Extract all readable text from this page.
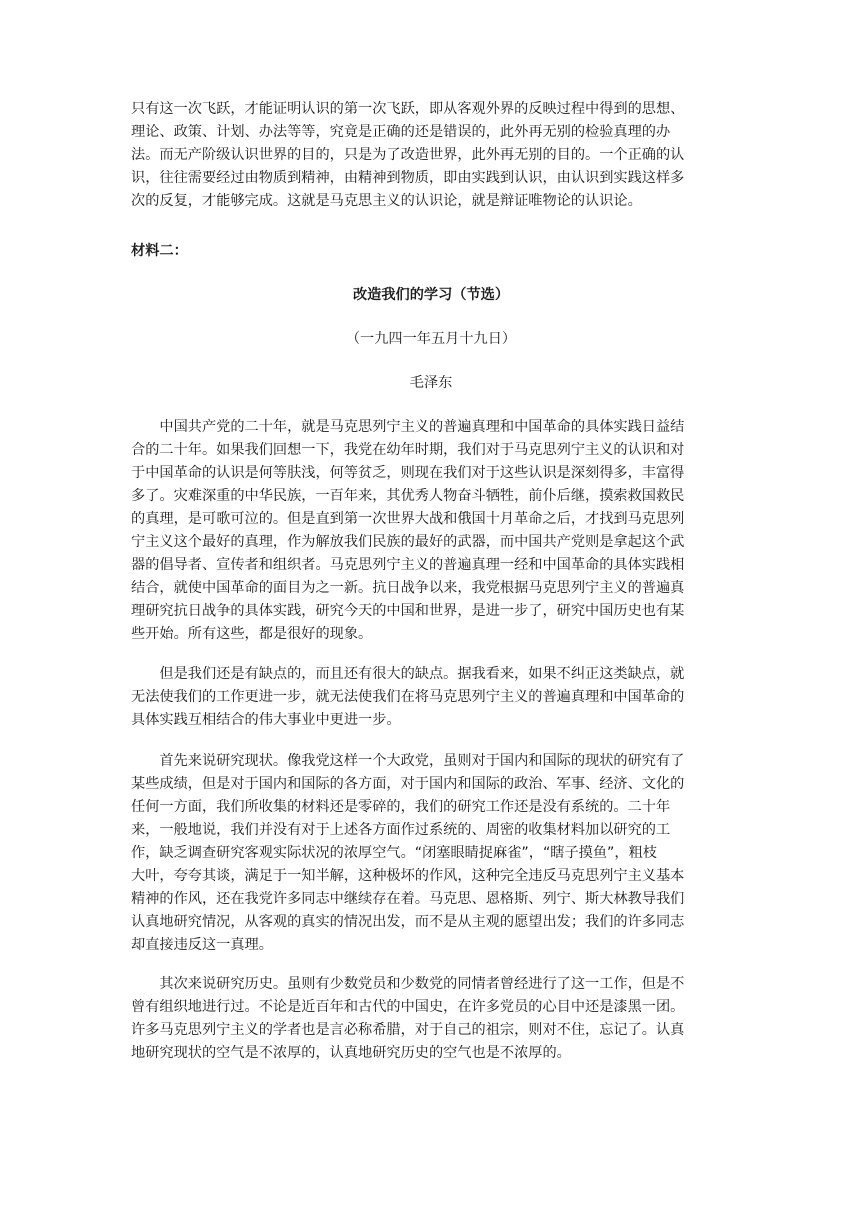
只有这一次飞跃，才能证明认识的第一次飞跃，即从客观外界的反映过程中得到的思想、
理论、政策、计划、办法等等，究竟是正确的还是错误的，此外再无别的检验真理的办
法。而无产阶级认识世界的目的，只是为了改造世界，此外再无别的目的。一个正确的认
识，往往需要经过由物质到精神，由精神到物质，即由实践到认识，由认识到实践这样多
次的反复，才能够完成。这就是马克思主义的认识论，就是辩证唯物论的认识论。
材料二：
改造我们的学习（节选）
（一九四一年五月十九日）
毛泽东
　　中国共产党的二十年，就是马克思列宁主义的普遍真理和中国革命的具体实践日益结
合的二十年。如果我们回想一下，我党在幼年时期，我们对于马克思列宁主义的认识和对
于中国革命的认识是何等肤浅，何等贫乏，则现在我们对于这些认识是深刻得多，丰富得
多了。灾难深重的中华民族，一百年来，其优秀人物奋斗牺牲，前仆后继，摸索救国救民
的真理，是可歌可泣的。但是直到第一次世界大战和俄国十月革命之后，才找到马克思列
宁主义这个最好的真理，作为解放我们民族的最好的武器，而中国共产党则是拿起这个武
器的倡导者、宣传者和组织者。马克思列宁主义的普遍真理一经和中国革命的具体实践相
结合，就使中国革命的面目为之一新。抗日战争以来，我党根据马克思列宁主义的普遍真
理研究抗日战争的具体实践，研究今天的中国和世界，是进一步了，研究中国历史也有某
些开始。所有这些，都是很好的现象。
　　但是我们还是有缺点的，而且还有很大的缺点。据我看来，如果不纠正这类缺点，就
无法使我们的工作更进一步，就无法使我们在将马克思列宁主义的普遍真理和中国革命的
具体实践互相结合的伟大事业中更进一步。
　　首先来说研究现状。像我党这样一个大政党，虽则对于国内和国际的现状的研究有了
某些成绩，但是对于国内和国际的各方面，对于国内和国际的政治、军事、经济、文化的
任何一方面，我们所收集的材料还是零碎的，我们的研究工作还是没有系统的。二十年
来，一般地说，我们并没有对于上述各方面作过系统的、周密的收集材料加以研究的工
作，缺乏调查研究客观实际状况的浓厚空气。“闭塞眼睛捉麻雀”，“瞎子摸鱼”，粗枝
大叶，夸夸其谈，满足于一知半解，这种极坏的作风，这种完全违反马克思列宁主义基本
精神的作风，还在我党许多同志中继续存在着。马克思、恩格斯、列宁、斯大林教导我们
认真地研究情况，从客观的真实的情况出发，而不是从主观的愿望出发；我们的许多同志
却直接违反这一真理。
　　其次来说研究历史。虽则有少数党员和少数党的同情者曾经进行了这一工作，但是不
曾有组织地进行过。不论是近百年和古代的中国史，在许多党员的心目中还是漆黑一团。
许多马克思列宁主义的学者也是言必称希腊，对于自己的祖宗，则对不住，忘记了。认真
地研究现状的空气是不浓厚的，认真地研究历史的空气也是不浓厚的。
